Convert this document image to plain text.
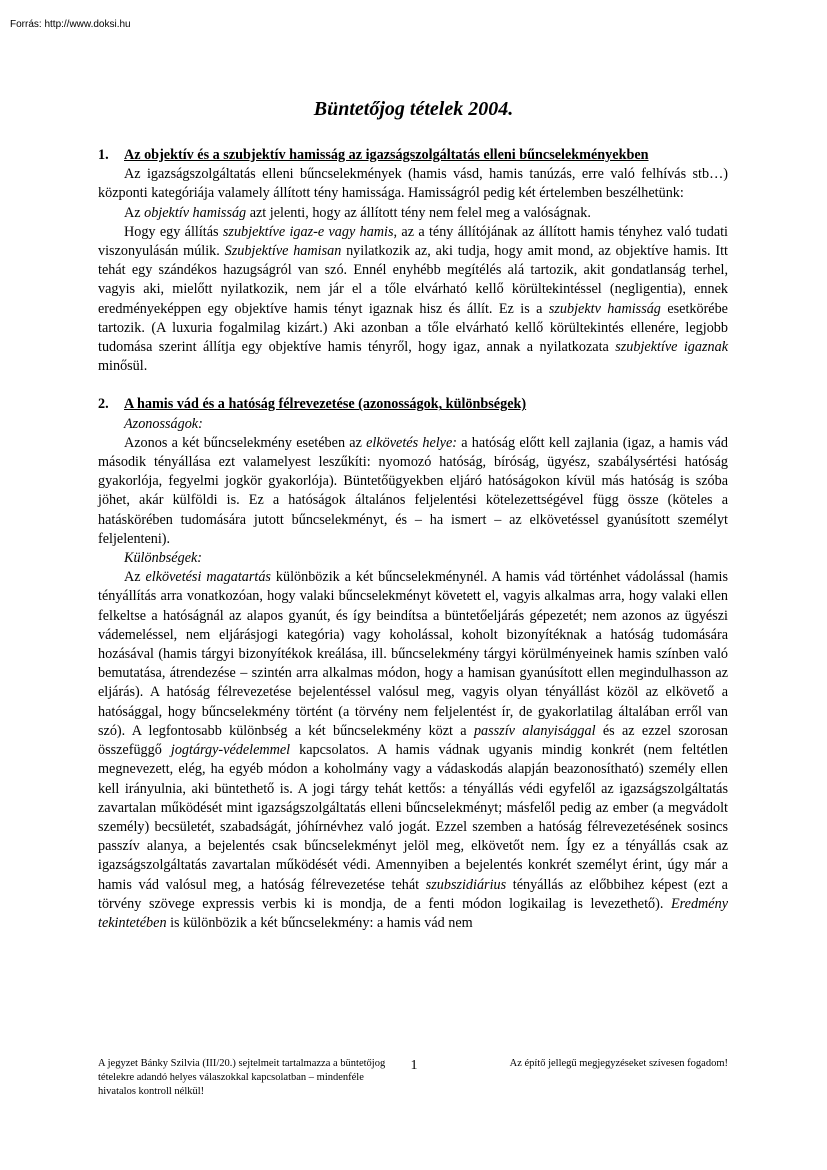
Forrás: http://www.doksi.hu
Büntetőjog tételek 2004.
1. Az objektív és a szubjektív hamisság az igazságszolgáltatás elleni bűncselekményekben

Az igazságszolgáltatás elleni bűncselekmények (hamis vásd, hamis tanúzás, erre való felhívás stb…) központi kategóriája valamely állított tény hamissága. Hamisságról pedig két értelemben beszélhetünk:

Az objektív hamisság azt jelenti, hogy az állított tény nem felel meg a valóságnak.

Hogy egy állítás szubjektíve igaz-e vagy hamis, az a tény állítójának az állított hamis tényhez való tudati viszonyulásán múlik. Szubjektíve hamisan nyilatkozik az, aki tudja, hogy amit mond, az objektíve hamis. Itt tehát egy szándékos hazugságról van szó. Ennél enyhébb megítélés alá tartozik, akit gondatlanság terhel, vagyis aki, mielőtt nyilatkozik, nem jár el a tőle elvárható kellő körültekintéssel (negligentia), ennek eredményeképpen egy objektíve hamis tényt igaznak hisz és állít. Ez is a szubjektv hamisság esetkörébe tartozik. (A luxuria fogalmilag kizárt.) Aki azonban a tőle elvárható kellő körültekintés ellenére, legjobb tudomása szerint állítja egy objektíve hamis tényről, hogy igaz, annak a nyilatkozata szubjektíve igaznak minősül.

2. A hamis vád és a hatóság félrevezetése (azonosságok, különbségek)
Azonosságok:

Azonos a két bűncselekmény esetében az elkövetés helye: a hatóság előtt kell zajlania (igaz, a hamis vád második tényállása ezt valamelyest leszűkíti: nyomozó hatóság, bíróság, ügyész, szabálysértési hatóság gyakorlója, fegyelmi jogkör gyakorlója). Büntetőügyekben eljáró hatóságokon kívül más hatóság is szóba jöhet, akár külföldi is. Ez a hatóságok általános feljelentési kötelezettségével függ össze (köteles a hatáskörében tudomására jutott bűncselekményt, és – ha ismert – az elkövetéssel gyanúsított személyt feljelenteni).

Különbségek:

Az elkövetési magatartás különbözik a két bűncselekménynél. A hamis vád történhet vádolással (hamis tényállítás arra vonatkozóan, hogy valaki bűncselekményt követett el, vagyis alkalmas arra, hogy valaki ellen felkeltse a hatóságnál az alapos gyanút, és így beindítsa a büntetőeljárás gépezetét; nem azonos az ügyészi vádemeléssel, nem eljárásjogi kategória) vagy koholással, koholt bizonyítéknak a hatóság tudomására hozásával (hamis tárgyi bizonyítékok kreálása, ill. bűncselekmény tárgyi körülményeinek hamis színben való bemutatása, átrendezése – szintén arra alkalmas módon, hogy a hamisan gyanúsított ellen megindulhasson az eljárás). A hatóság félrevezetése bejelentéssel valósul meg, vagyis olyan tényállást közöl az elkövető a hatósággal, hogy bűncselekmény történt (a törvény nem feljelentést ír, de gyakorlatilag általában erről van szó). A legfontosabb különbség a két bűncselekmény közt a passzív alanyisággal és az ezzel szorosan összefüggő jogtárgy-védelemmel kapcsolatos. A hamis vádnak ugyanis mindig konkrét (nem feltétlen megnevezett, elég, ha egyéb módon a koholmány vagy a vádaskodás alapján beazonosítható) személy ellen kell irányulnia, aki büntethető is. A jogi tárgy tehát kettős: a tényállás védi egyfelől az igazságszolgáltatás zavartalan működését mint igazságszolgáltatás elleni bűncselekményt; másfelől pedig az ember (a megvádolt személy) becsületét, szabadságát, jóhírnévhez való jogát. Ezzel szemben a hatóság félrevezetésének sosincs passzív alanya, a bejelentés csak bűncselekményt jelöl meg, elkövetőt nem. Így ez a tényállás csak az igazságszolgáltatás zavartalan működését védi. Amennyiben a bejelentés konkrét személyt érint, úgy már a hamis vád valósul meg, a hatóság félrevezetése tehát szubszidiárius tényállás az előbbihez képest (ezt a törvény szövege expressis verbis ki is mondja, de a fenti módon logikailag is levezethető). Eredmény tekintetében is különbözik a két bűncselekmény: a hamis vád nem

A jegyzet Bánky Szilvia (III/20.) sejtelmeit tartalmazza a büntetőjog tételekre adandó helyes válaszokkal kapcsolatban – mindenféle hivatalos kontroll nélkül!
1	Az építő jellegű megjegyzéseket szívesen fogadom!
